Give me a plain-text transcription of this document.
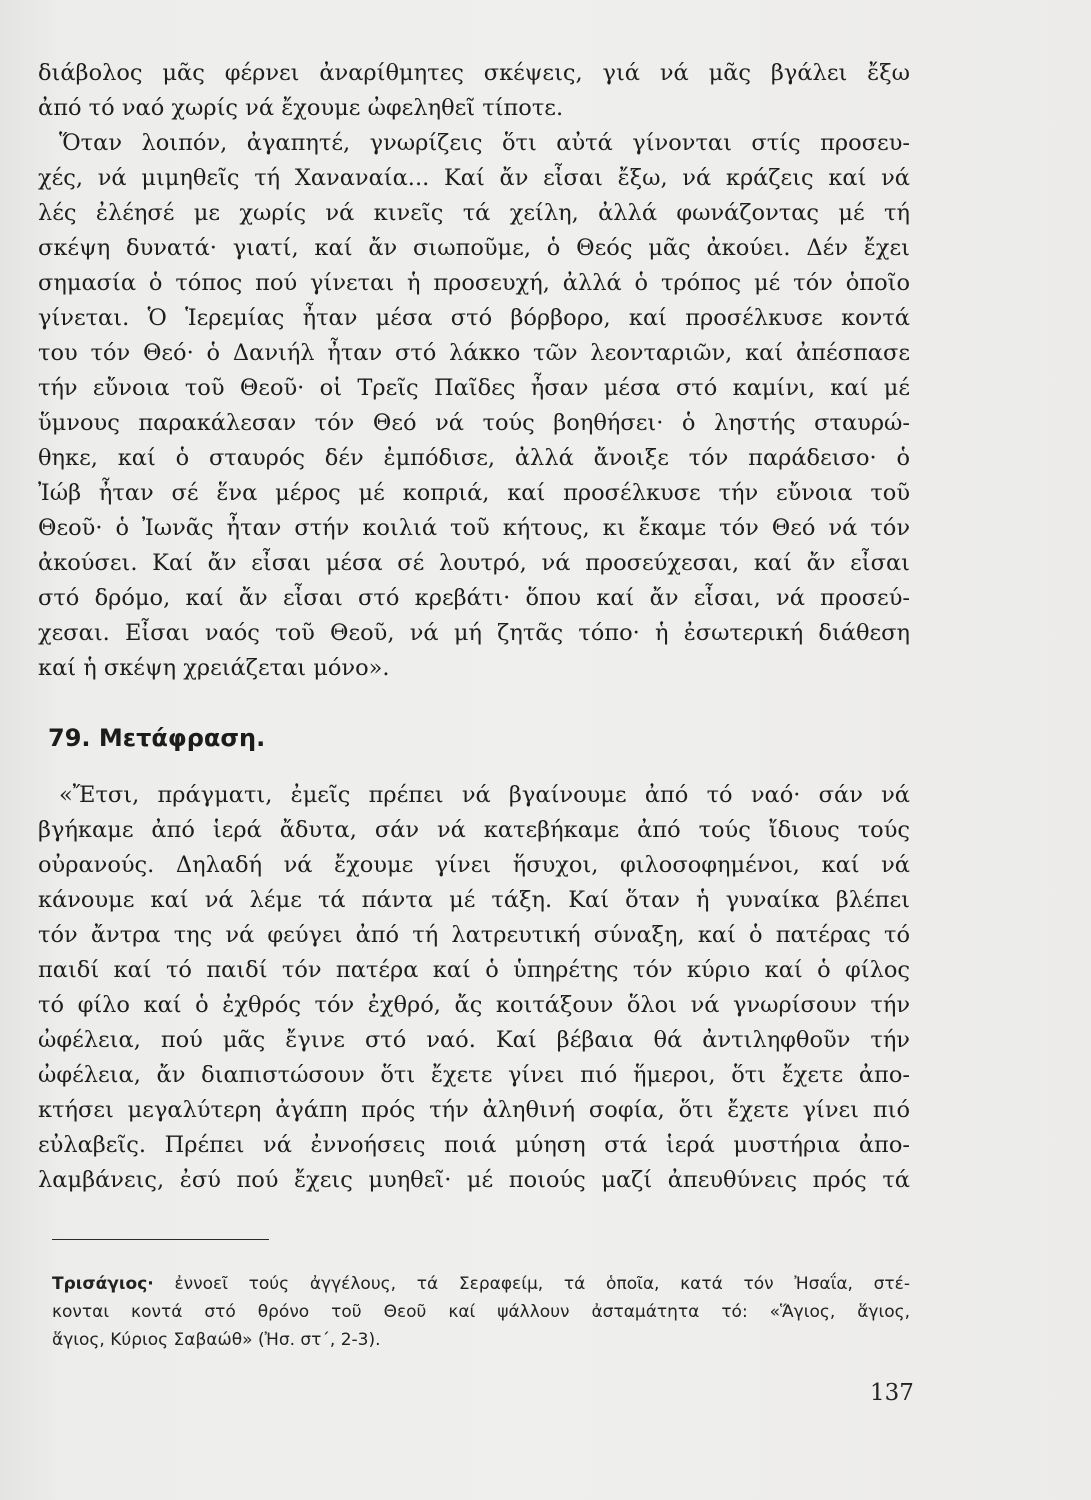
διάβολος μᾶς φέρνει ἀναρίθμητες σκέψεις, γιά νά μᾶς βγάλει ἔξω
ἀπό τό ναό χωρίς νά ἔχουμε ὠφεληθεῖ τίποτε.
Ὅταν λοιπόν, ἀγαπητέ, γνωρίζεις ὅτι αὐτά γίνονται στίς προσευ-
χές, νά μιμηθεῖς τή Χαναναία... Καί ἄν εἶσαι ἔξω, νά κράζεις καί νά
λές ἐλέησέ με χωρίς νά κινεῖς τά χείλη, ἀλλά φωνάζοντας μέ τή
σκέψη δυνατά· γιατί, καί ἄν σιωποῦμε, ὁ Θεός μᾶς ἀκούει. Δέν ἔχει
σημασία ὁ τόπος πού γίνεται ἡ προσευχή, ἀλλά ὁ τρόπος μέ τόν ὁποῖο
γίνεται. Ὁ Ἱερεμίας ἦταν μέσα στό βόρβορο, καί προσέλκυσε κοντά
του τόν Θεό· ὁ Δανιήλ ἦταν στό λάκκο τῶν λεονταριῶν, καί ἀπέσπασε
τήν εὔνοια τοῦ Θεοῦ· οἱ Τρεῖς Παῖδες ἦσαν μέσα στό καμίνι, καί μέ
ὕμνους παρακάλεσαν τόν Θεό νά τούς βοηθήσει· ὁ ληστής σταυρώ-
θηκε, καί ὁ σταυρός δέν ἐμπόδισε, ἀλλά ἄνοιξε τόν παράδεισο· ὁ
Ἰώβ ἦταν σέ ἕνα μέρος μέ κοπριά, καί προσέλκυσε τήν εὔνοια τοῦ
Θεοῦ· ὁ Ἰωνᾶς ἦταν στήν κοιλιά τοῦ κήτους, κι ἔκαμε τόν Θεό νά τόν
ἀκούσει. Καί ἄν εἶσαι μέσα σέ λουτρό, νά προσεύχεσαι, καί ἄν εἶσαι
στό δρόμο, καί ἄν εἶσαι στό κρεβάτι· ὅπου καί ἄν εἶσαι, νά προσεύ-
χεσαι. Εἶσαι ναός τοῦ Θεοῦ, νά μή ζητᾶς τόπο· ἡ ἐσωτερική διάθεση
καί ἡ σκέψη χρειάζεται μόνο».
79. Μετάφραση.
«Ἔτσι, πράγματι, ἐμεῖς πρέπει νά βγαίνουμε ἀπό τό ναό· σάν νά
βγήκαμε ἀπό ἱερά ἄδυτα, σάν νά κατεβήκαμε ἀπό τούς ἴδιους τούς
οὐρανούς. Δηλαδή νά ἔχουμε γίνει ἥσυχοι, φιλοσοφημένοι, καί νά
κάνουμε καί νά λέμε τά πάντα μέ τάξη. Καί ὅταν ἡ γυναίκα βλέπει
τόν ἄντρα της νά φεύγει ἀπό τή λατρευτική σύναξη, καί ὁ πατέρας τό
παιδί καί τό παιδί τόν πατέρα καί ὁ ὑπηρέτης τόν κύριο καί ὁ φίλος
τό φίλο καί ὁ ἐχθρός τόν ἐχθρό, ἄς κοιτάξουν ὅλοι νά γνωρίσουν τήν
ὠφέλεια, πού μᾶς ἔγινε στό ναό. Καί βέβαια θά ἀντιληφθοῦν τήν
ὠφέλεια, ἄν διαπιστώσουν ὅτι ἔχετε γίνει πιό ἥμεροι, ὅτι ἔχετε ἀπο-
κτήσει μεγαλύτερη ἀγάπη πρός τήν ἀληθινή σοφία, ὅτι ἔχετε γίνει πιό
εὐλαβεῖς. Πρέπει νά ἐννοήσεις ποιά μύηση στά ἱερά μυστήρια ἀπο-
λαμβάνεις, ἐσύ πού ἔχεις μυηθεῖ· μέ ποιούς μαζί ἀπευθύνεις πρός τά
Τρισάγιος· ἐννοεῖ τούς ἀγγέλους, τά Σεραφείμ, τά ὁποῖα, κατά τόν Ἠσαΐα, στέ-
κονται κοντά στό θρόνο τοῦ Θεοῦ καί ψάλλουν ἀσταμάτητα τό: «Ἅγιος, ἅγιος,
ἅγιος, Κύριος Σαβαώθ» (Ἠσ. στ΄, 2-3).
137
